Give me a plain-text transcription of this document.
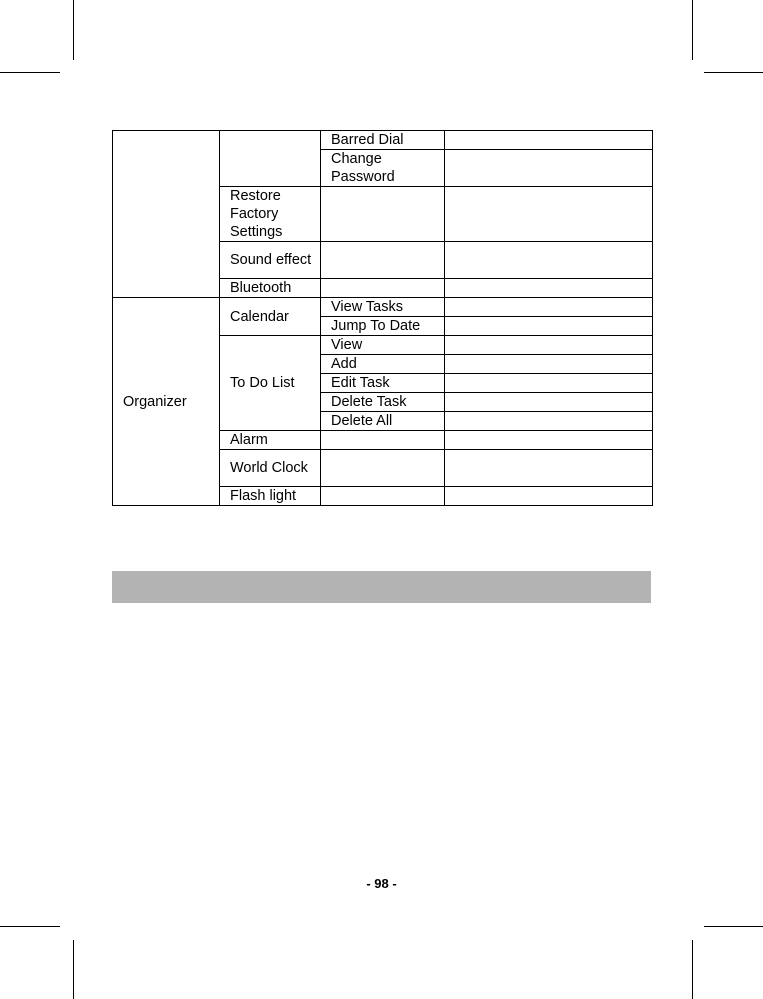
		Barred Dial	
		Change Password	
	Restore Factory Settings		
	Sound effect		
	Bluetooth		
Organizer	Calendar	View Tasks	
		Jump To Date	
	To Do List	View	
		Add	
		Edit Task	
		Delete Task	
		Delete All	
	Alarm		
	World Clock		
	Flash light		
- 98 -
